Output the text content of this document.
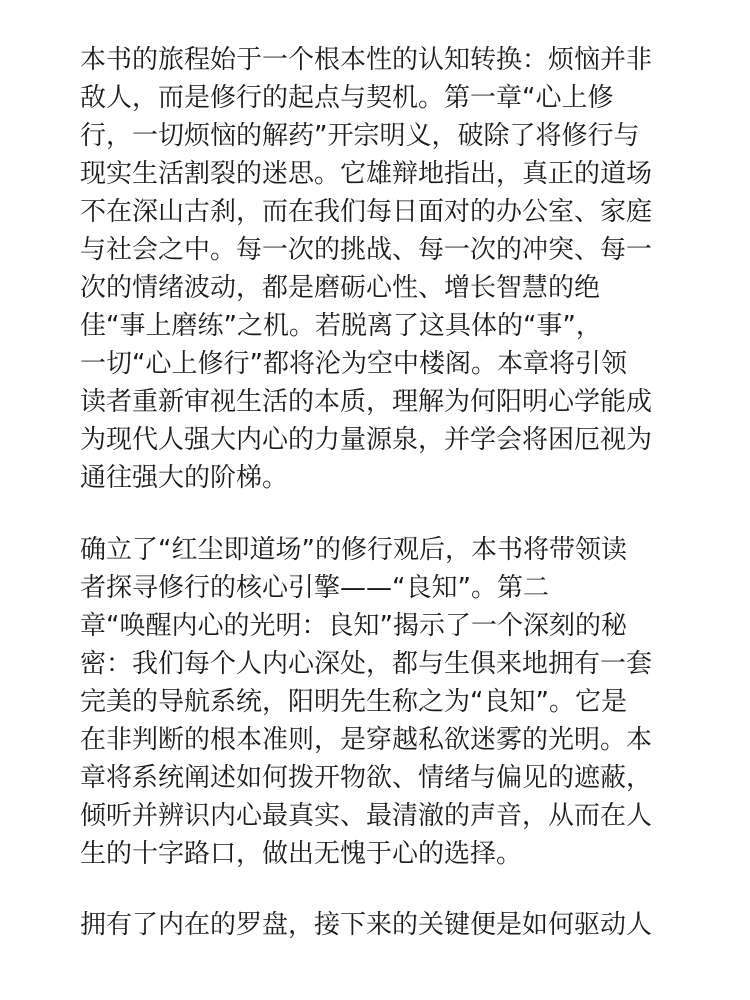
本书的旅程始于一个根本性的认知转换：烦恼并非
敌人，而是修行的起点与契机。第一章“心上修
行，一切烦恼的解药”开宗明义，破除了将修行与
现实生活割裂的迷思。它雄辩地指出，真正的道场
不在深山古刹，而在我们每日面对的办公室、家庭
与社会之中。每一次的挑战、每一次的冲突、每一
次的情绪波动，都是磨砺心性、增长智慧的绝
佳“事上磨练”之机。若脱离了这具体的“事”，
一切“心上修行”都将沦为空中楼阁。本章将引领
读者重新审视生活的本质，理解为何阳明心学能成
为现代人强大内心的力量源泉，并学会将困厄视为
通往强大的阶梯。
确立了“红尘即道场”的修行观后，本书将带领读
者探寻修行的核心引擎——“良知”。第二
章“唤醒内心的光明：良知”揭示了一个深刻的秘
密：我们每个人内心深处，都与生俱来地拥有一套
完美的导航系统，阳明先生称之为“良知”。它是
在非判断的根本准则，是穿越私欲迷雾的光明。本
章将系统阐述如何拨开物欲、情绪与偏见的遮蔽，
倾听并辨识内心最真实、最清澈的声音，从而在人
生的十字路口，做出无愧于心的选择。
拥有了内在的罗盘，接下来的关键便是如何驱动人
